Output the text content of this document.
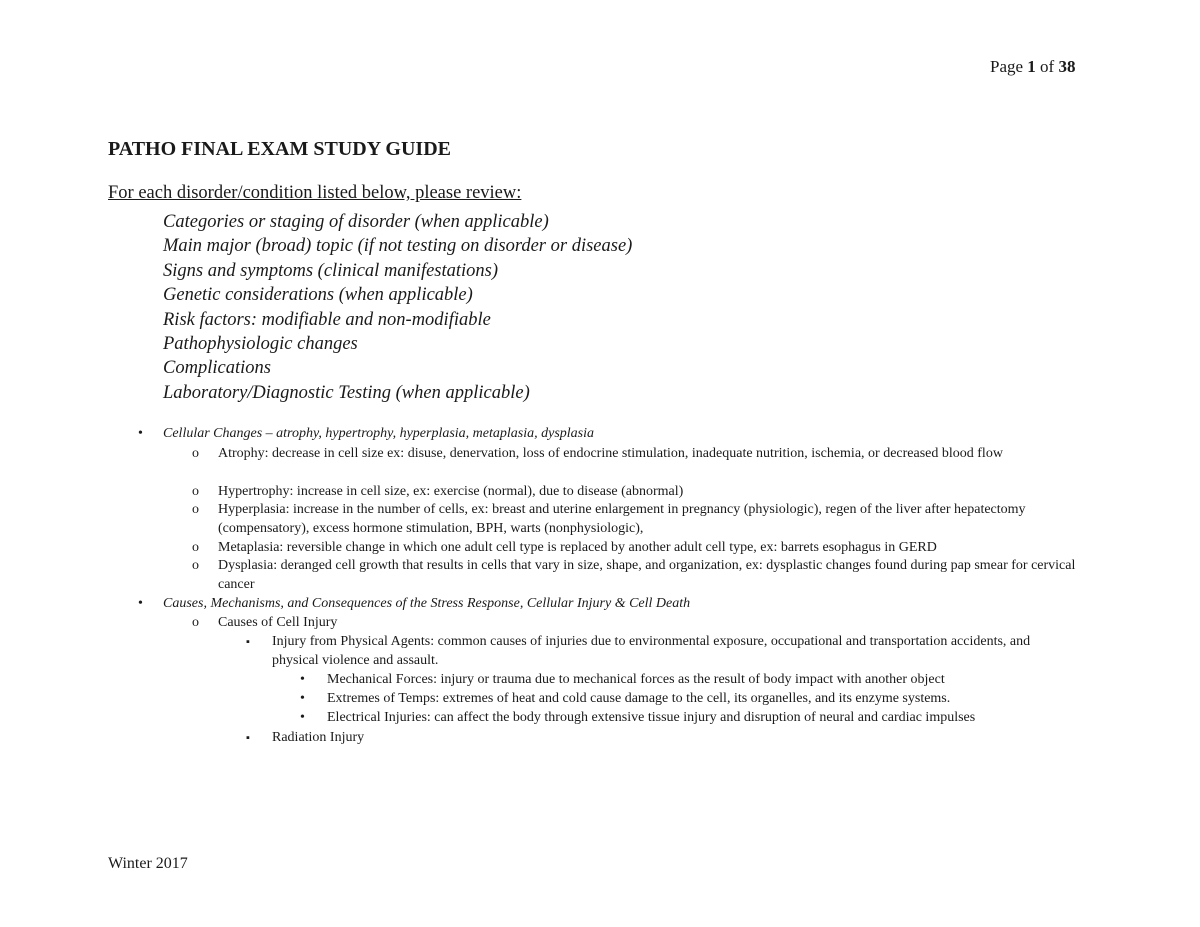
Page 1 of 38
PATHO FINAL EXAM STUDY GUIDE
For each disorder/condition listed below, please review:
Categories or staging of disorder (when applicable)
Main major (broad) topic (if not testing on disorder or disease)
Signs and symptoms (clinical manifestations)
Genetic considerations (when applicable)
Risk factors: modifiable and non-modifiable
Pathophysiologic changes
Complications
Laboratory/Diagnostic Testing (when applicable)
• Cellular Changes – atrophy, hypertrophy, hyperplasia, metaplasia, dysplasia
o Atrophy: decrease in cell size ex: disuse, denervation, loss of endocrine stimulation, inadequate nutrition, ischemia, or decreased blood flow
o Hypertrophy: increase in cell size, ex: exercise (normal), due to disease (abnormal)
o Hyperplasia: increase in the number of cells, ex: breast and uterine enlargement in pregnancy (physiologic), regen of the liver after hepatectomy (compensatory), excess hormone stimulation, BPH, warts (nonphysiologic),
o Metaplasia: reversible change in which one adult cell type is replaced by another adult cell type, ex: barrets esophagus in GERD
o Dysplasia: deranged cell growth that results in cells that vary in size, shape, and organization, ex: dysplastic changes found during pap smear for cervical cancer
• Causes, Mechanisms, and Consequences of the Stress Response, Cellular Injury & Cell Death
o Causes of Cell Injury
▪ Injury from Physical Agents: common causes of injuries due to environmental exposure, occupational and transportation accidents, and physical violence and assault.
• Mechanical Forces: injury or trauma due to mechanical forces as the result of body impact with another object
• Extremes of Temps: extremes of heat and cold cause damage to the cell, its organelles, and its enzyme systems.
• Electrical Injuries: can affect the body through extensive tissue injury and disruption of neural and cardiac impulses
▪ Radiation Injury
Winter 2017
